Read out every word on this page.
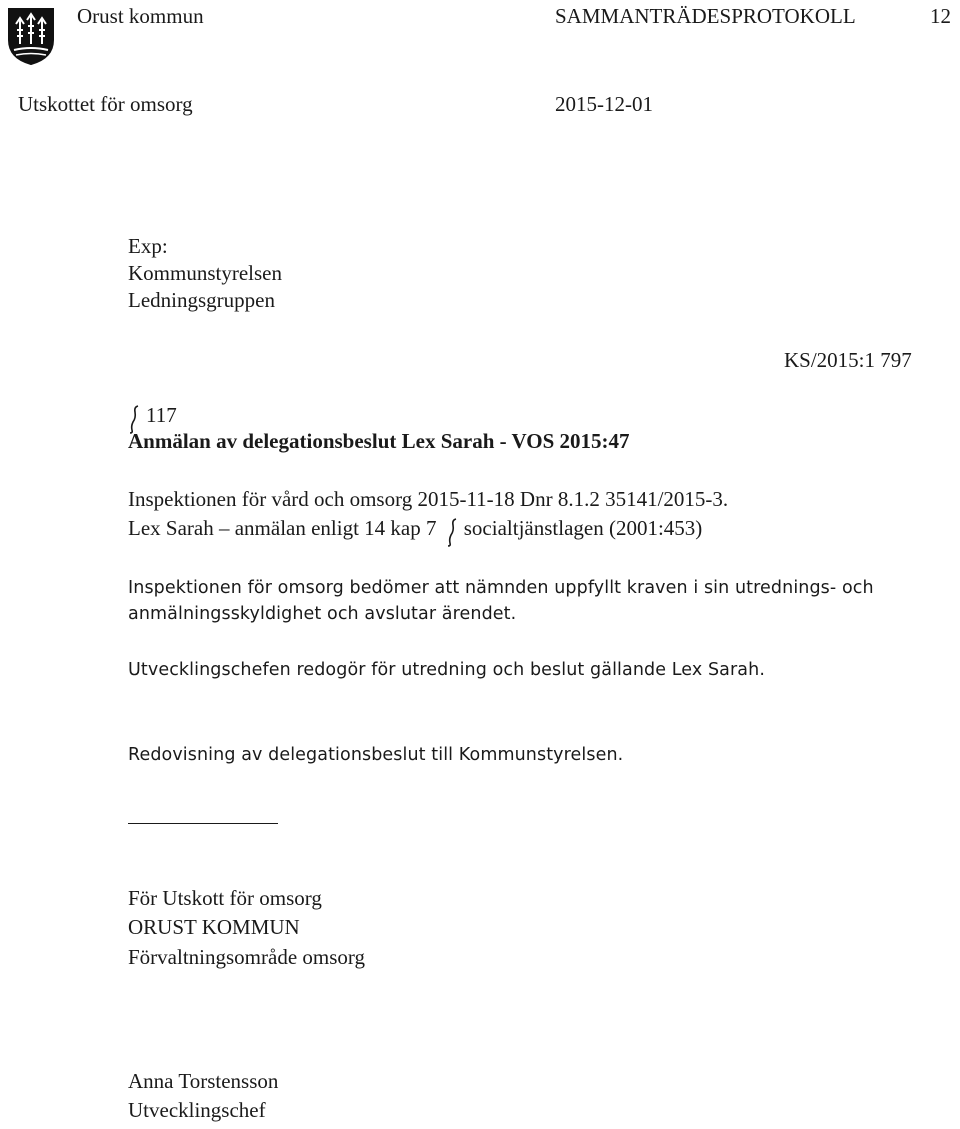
Orust kommun	SAMMANTRÄDESPROTOKOLL	12
Utskottet för omsorg	2015-12-01
Exp:
Kommunstyrelsen
Ledningsgruppen
KS/2015:1 797
117
Anmälan av delegationsbeslut Lex Sarah - VOS 2015:47
Inspektionen för vård och omsorg 2015-11-18 Dnr 8.1.2 35141/2015-3.
Lex Sarah – anmälan enligt 14 kap 7 socialtjänstlagen (2001:453)
Inspektionen för omsorg bedömer att nämnden uppfyllt kraven i sin utrednings- och
anmälningsskyldighet och avslutar ärendet.
Utvecklingschefen redogör för utredning och beslut gällande Lex Sarah.
Redovisning av delegationsbeslut till Kommunstyrelsen.
För Utskott för omsorg
ORUST KOMMUN
Förvaltningsområde omsorg
Anna Torstensson
Utvecklingschef
